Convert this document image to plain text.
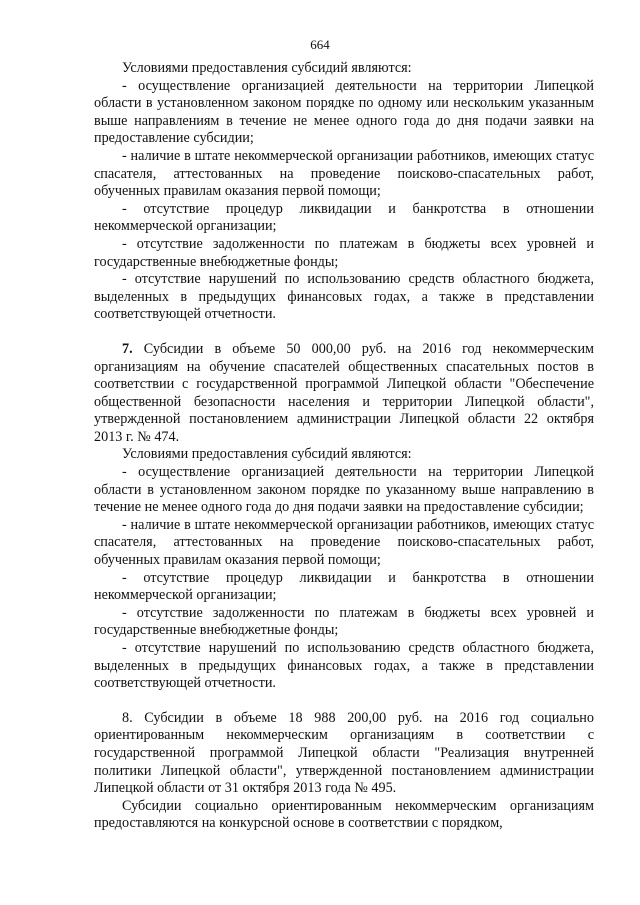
664

Условиями предоставления субсидий являются:

- осуществление организацией деятельности на территории Липецкой области в установленном законом порядке по одному или нескольким указанным выше направлениям в течение не менее одного года до дня подачи заявки на предоставление субсидии;

- наличие в штате некоммерческой организации работников, имеющих статус спасателя, аттестованных на проведение поисково-спасательных работ, обученных правилам оказания первой помощи;

- отсутствие процедур ликвидации и банкротства в отношении некоммерческой организации;

- отсутствие задолженности по платежам в бюджеты всех уровней и государственные внебюджетные фонды;

- отсутствие нарушений по использованию средств областного бюджета, выделенных в предыдущих финансовых годах, а также в представлении соответствующей отчетности.

7. Субсидии в объеме 50 000,00 руб. на 2016 год некоммерческим организациям на обучение спасателей общественных спасательных постов в соответствии с государственной программой Липецкой области "Обеспечение общественной безопасности населения и территории Липецкой области", утвержденной постановлением администрации Липецкой области 22 октября 2013 г. № 474.

Условиями предоставления субсидий являются:

- осуществление организацией деятельности на территории Липецкой области в установленном законом порядке по указанному выше направлению в течение не менее одного года до дня подачи заявки на предоставление субсидии;

- наличие в штате некоммерческой организации работников, имеющих статус спасателя, аттестованных на проведение поисково-спасательных работ, обученных правилам оказания первой помощи;

- отсутствие процедур ликвидации и банкротства в отношении некоммерческой организации;

- отсутствие задолженности по платежам в бюджеты всех уровней и государственные внебюджетные фонды;

- отсутствие нарушений по использованию средств областного бюджета, выделенных в предыдущих финансовых годах, а также в представлении соответствующей отчетности.

8. Субсидии в объеме 18 988 200,00 руб. на 2016 год социально ориентированным некоммерческим организациям в соответствии с государственной программой Липецкой области "Реализация внутренней политики Липецкой области", утвержденной постановлением администрации Липецкой области от 31 октября 2013 года № 495.

Субсидии социально ориентированным некоммерческим организациям предоставляются на конкурсной основе в соответствии с порядком,
